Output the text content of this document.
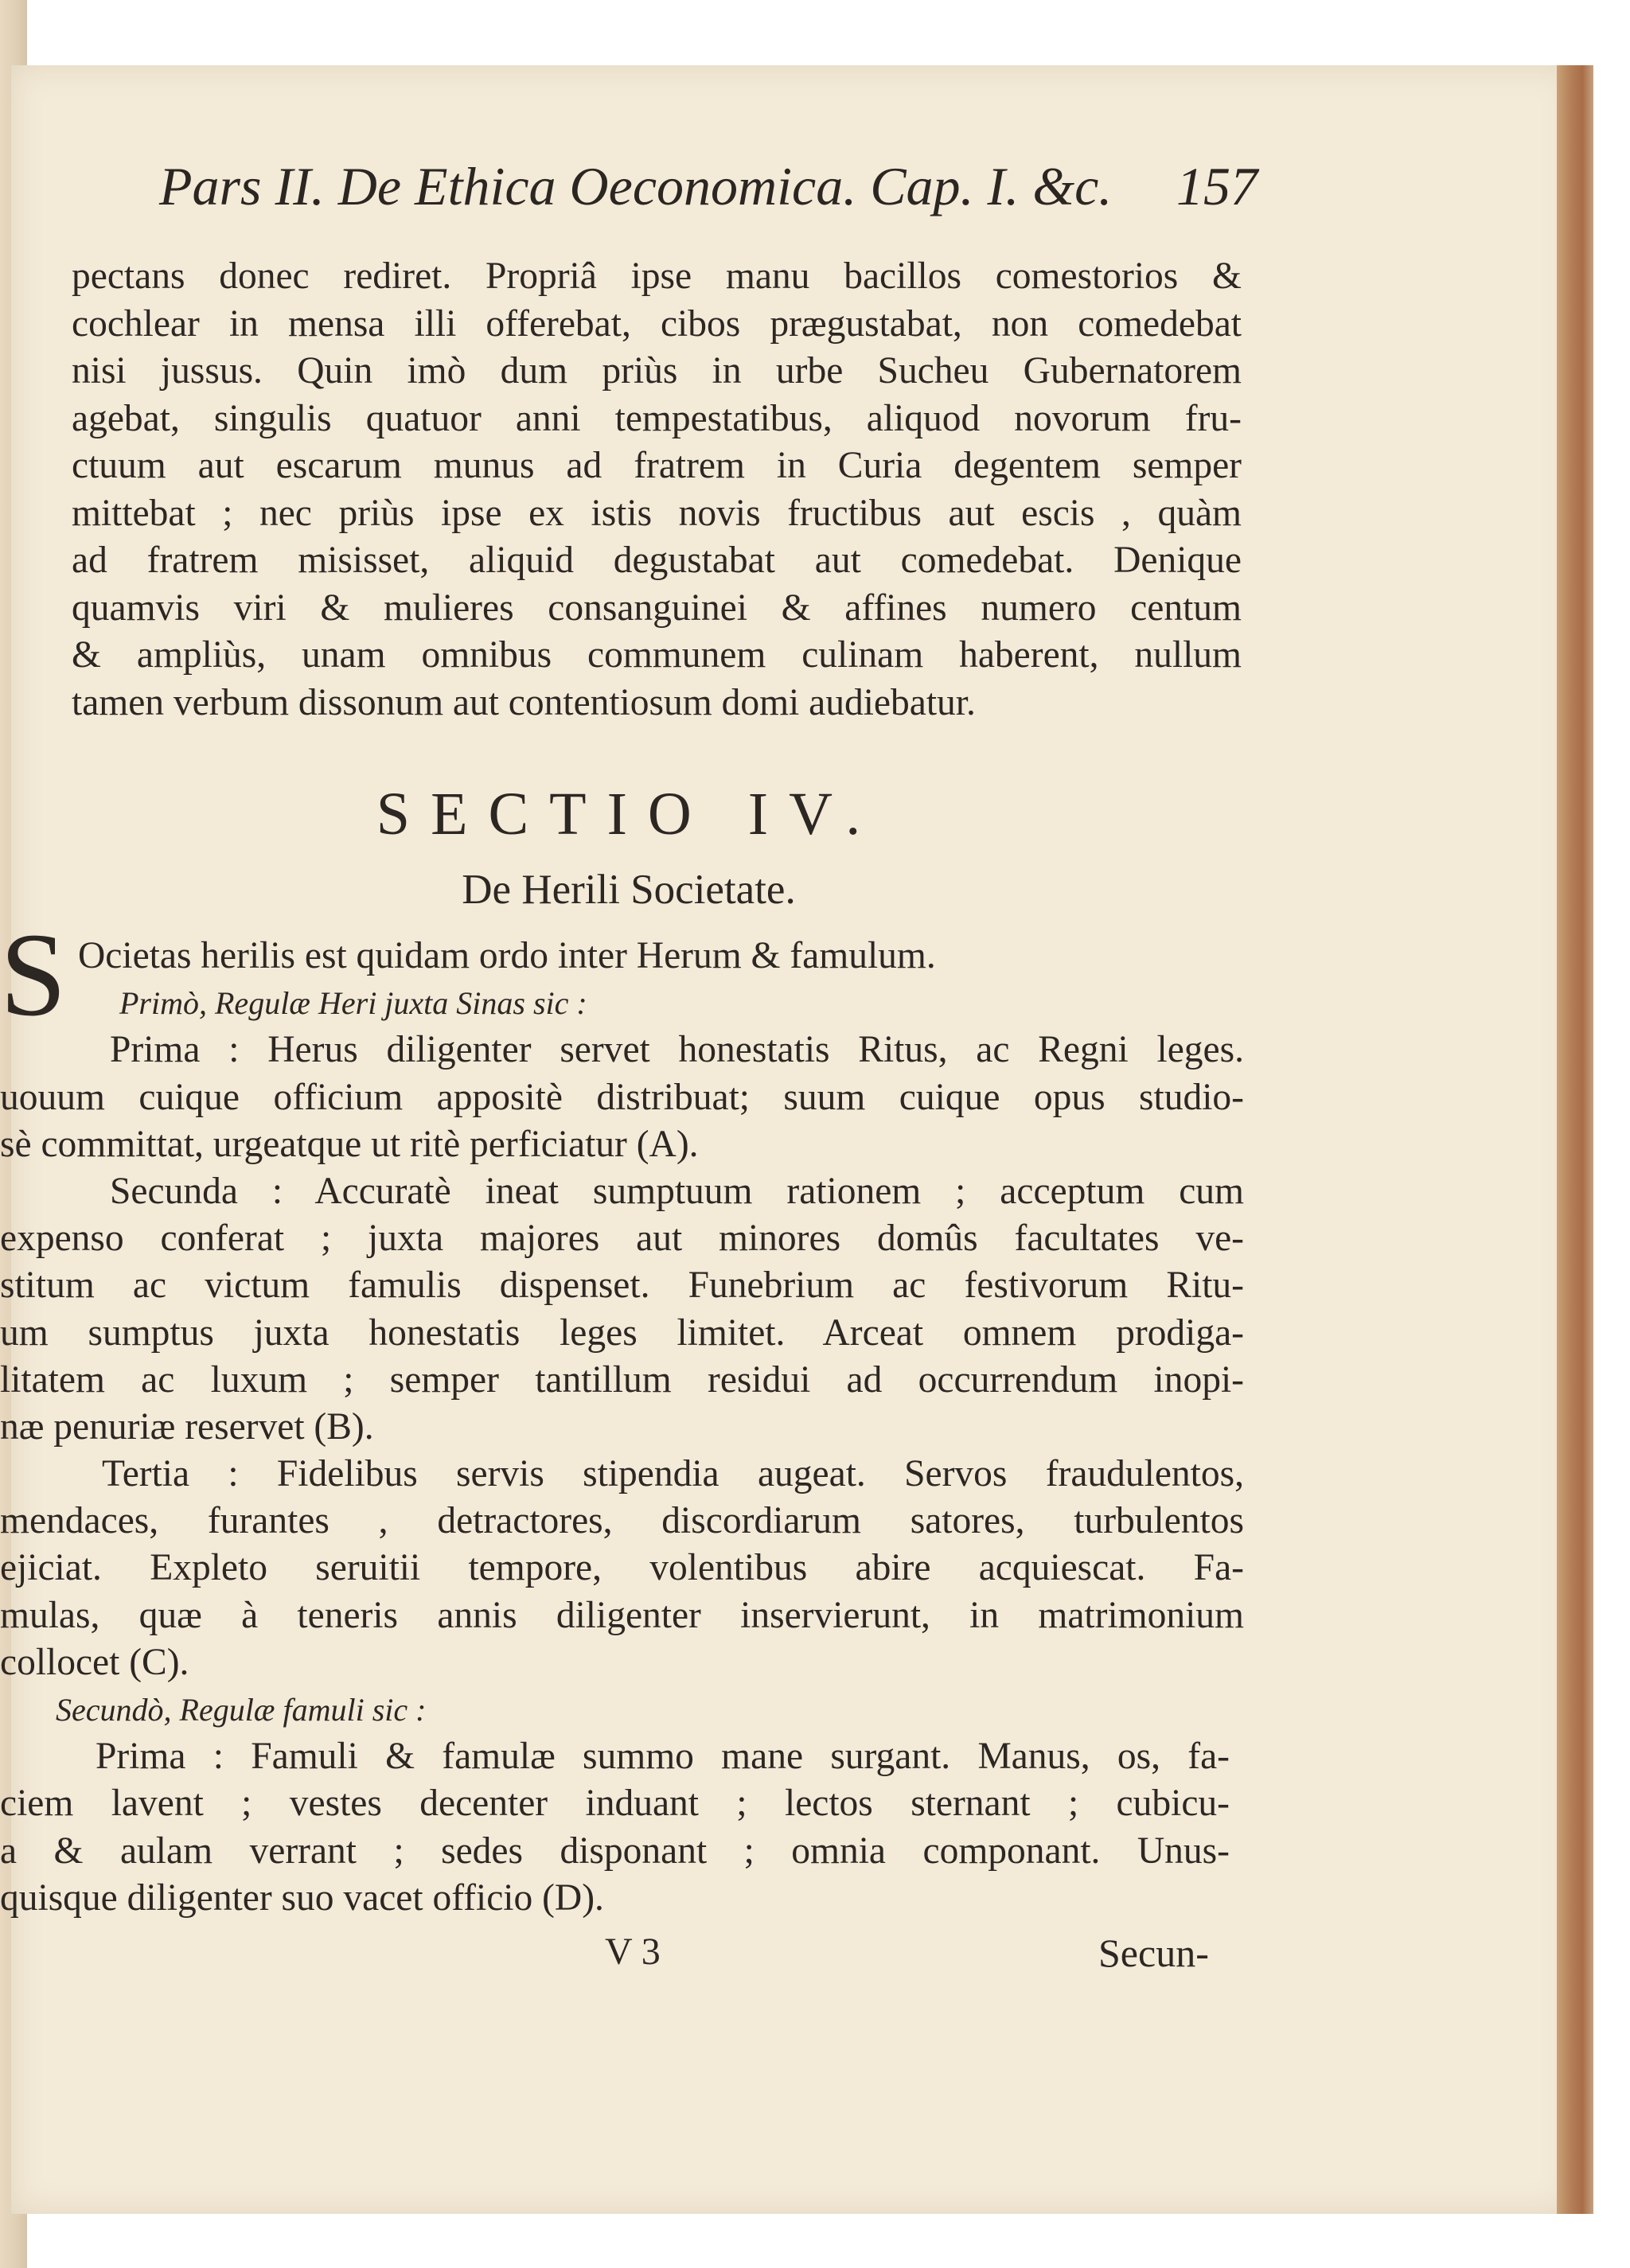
Pars II. De Ethica Oeconomica. Cap. I. &c. 157
pectans donec rediret. Propriâ ipse manu bacillos comestorios &
cochlear in mensa illi offerebat, cibos prægustabat, non comedebat
nisi jussus. Quin imò dum priùs in urbe Sucheu Gubernatorem
agebat, singulis quatuor anni tempestatibus, aliquod novorum fru-
ctuum aut escarum munus ad fratrem in Curia degentem semper
mittebat ; nec priùs ipse ex istis novis fructibus aut escis , quàm
ad fratrem misisset, aliquid degustabat aut comedebat. Denique
quamvis viri & mulieres consanguinei & affines numero centum
& ampliùs, unam omnibus communem culinam haberent, nullum
tamen verbum dissonum aut contentiosum domi audiebatur.
SECTIO IV.
De Herili Societate.
S Ocietas herilis est quidam ordo inter Herum & famulum.
Primò, Regulæ Heri juxta Sinas sic :
Prima : Herus diligenter servet honestatis Ritus, ac Regni leges.
uouum cuique officium appositè distribuat; suum cuique opus studio-
sè committat, urgeatque ut ritè perficiatur (A).
Secunda : Accuratè ineat sumptuum rationem ; acceptum cum
expenso conferat ; juxta majores aut minores domûs facultates ve-
stitum ac victum famulis dispenset. Funebrium ac festivorum Ritu-
um sumptus juxta honestatis leges limitet. Arceat omnem prodiga-
litatem ac luxum ; semper tantillum residui ad occurrendum inopi-
næ penuriæ reservet (B).
Tertia : Fidelibus servis stipendia augeat. Servos fraudulentos,
mendaces, furantes , detractores, discordiarum satores, turbulentos
ejiciat. Expleto seruitii tempore, volentibus abire acquiescat. Fa-
mulas, quæ à teneris annis diligenter inservierunt, in matrimonium
collocet (C).
Secundò, Regulæ famuli sic :
Prima : Famuli & famulæ summo mane surgant. Manus, os, fa-
ciem lavent ; vestes decenter induant ; lectos sternant ; cubicu-
a & aulam verrant ; sedes disponant ; omnia componant. Unus-
quisque diligenter suo vacet officio (D).
V 3	Secun-
